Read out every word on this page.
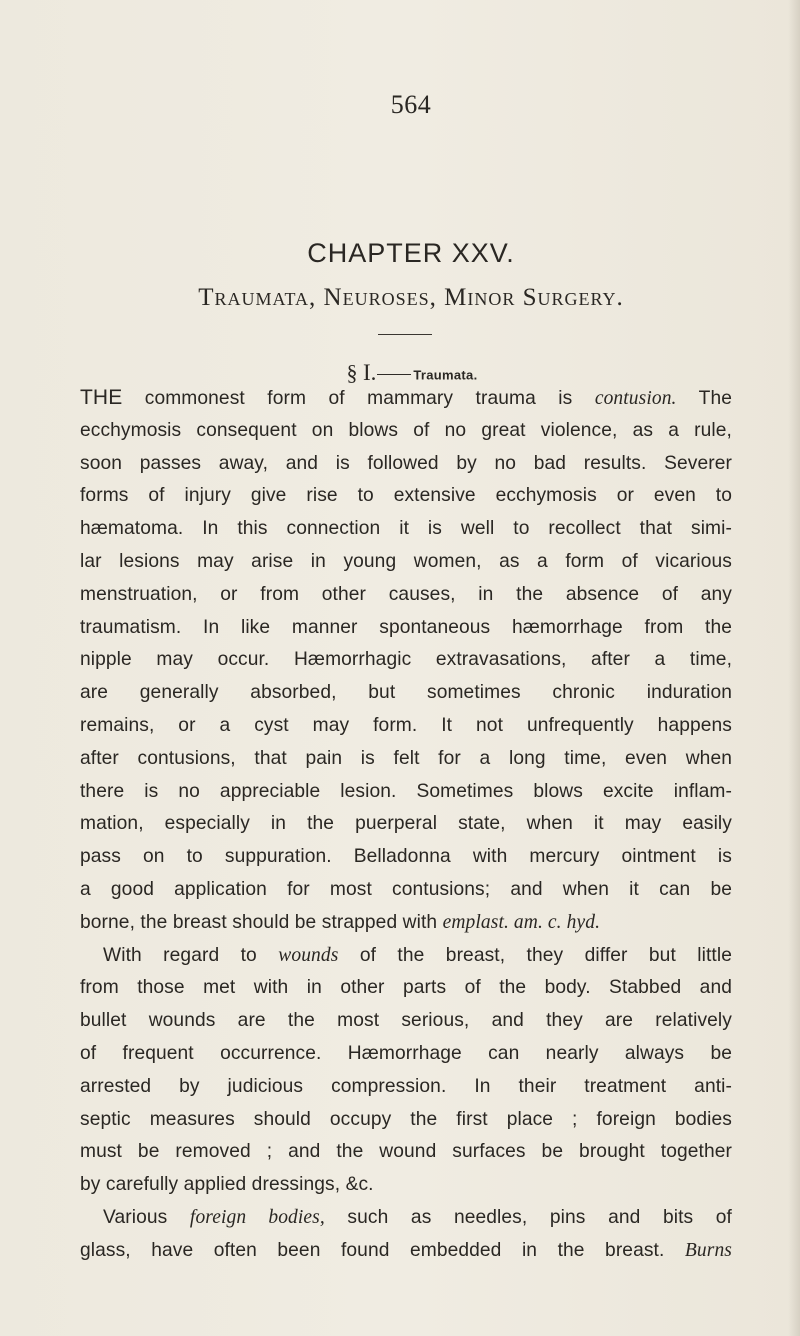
564
CHAPTER XXV.
Traumata, Neuroses, Minor Surgery.
§ I.	Traumata.
THE commonest form of mammary trauma is contusion. The
ecchymosis consequent on blows of no great violence, as a rule,
soon passes away, and is followed by no bad results. Severer
forms of injury give rise to extensive ecchymosis or even to
hæmatoma. In this connection it is well to recollect that simi-
lar lesions may arise in young women, as a form of vicarious
menstruation, or from other causes, in the absence of any
traumatism. In like manner spontaneous hæmorrhage from the
nipple may occur. Hæmorrhagic extravasations, after a time,
are generally absorbed, but sometimes chronic induration
remains, or a cyst may form. It not unfrequently happens
after contusions, that pain is felt for a long time, even when
there is no appreciable lesion. Sometimes blows excite inflam-
mation, especially in the puerperal state, when it may easily
pass on to suppuration. Belladonna with mercury ointment is
a good application for most contusions; and when it can be
borne, the breast should be strapped with emplast. am. c. hyd.
With regard to wounds of the breast, they differ but little
from those met with in other parts of the body. Stabbed and
bullet wounds are the most serious, and they are relatively
of frequent occurrence. Hæmorrhage can nearly always be
arrested by judicious compression. In their treatment anti-
septic measures should occupy the first place ; foreign bodies
must be removed ; and the wound surfaces be brought together
by carefully applied dressings, &c.
Various foreign bodies, such as needles, pins and bits of
glass, have often been found embedded in the breast. Burns
